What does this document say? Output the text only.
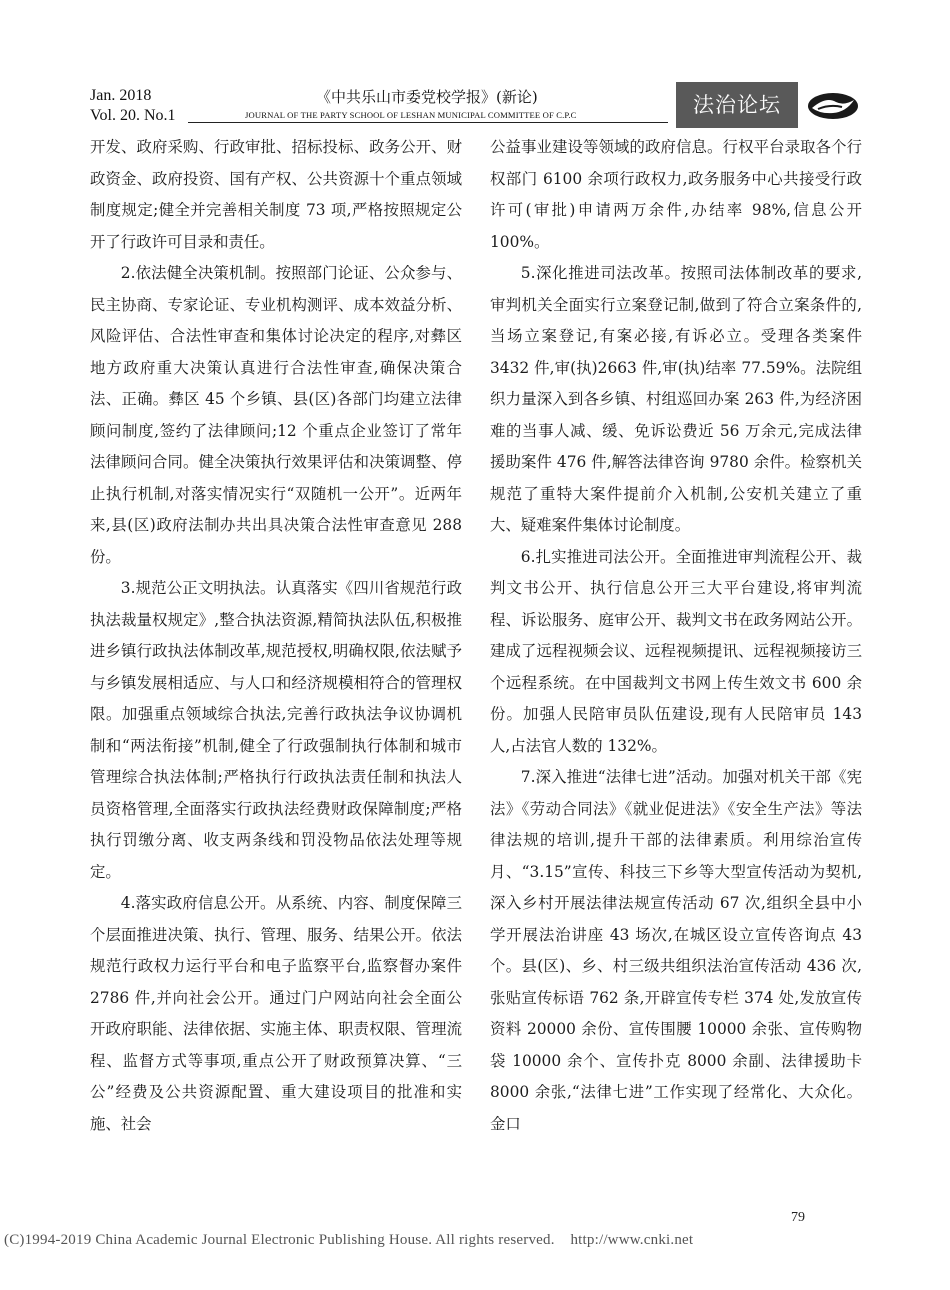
Jan. 2018
Vol. 20. No.1
《中共乐山市委党校学报》(新论)
JOURNAL OF THE PARTY SCHOOL OF LESHAN MUNICIPAL COMMITTEE OF C.P.C	法治论坛

开发、政府采购、行政审批、招标投标、政务公开、财政资金、政府投资、国有产权、公共资源十个重点领域制度规定;健全并完善相关制度 73 项,严格按照规定公开了行政许可目录和责任。

2.依法健全决策机制。按照部门论证、公众参与、民主协商、专家论证、专业机构测评、成本效益分析、风险评估、合法性审查和集体讨论决定的程序,对彝区地方政府重大决策认真进行合法性审查,确保决策合法、正确。彝区 45 个乡镇、县(区)各部门均建立法律顾问制度,签约了法律顾问;12 个重点企业签订了常年法律顾问合同。健全决策执行效果评估和决策调整、停止执行机制,对落实情况实行“双随机一公开”。近两年来,县(区)政府法制办共出具决策合法性审查意见 288 份。

3.规范公正文明执法。认真落实《四川省规范行政执法裁量权规定》,整合执法资源,精简执法队伍,积极推进乡镇行政执法体制改革,规范授权,明确权限,依法赋予与乡镇发展相适应、与人口和经济规模相符合的管理权限。加强重点领域综合执法,完善行政执法争议协调机制和“两法衔接”机制,健全了行政强制执行体制和城市管理综合执法体制;严格执行行政执法责任制和执法人员资格管理,全面落实行政执法经费财政保障制度;严格执行罚缴分离、收支两条线和罚没物品依法处理等规定。

4.落实政府信息公开。从系统、内容、制度保障三个层面推进决策、执行、管理、服务、结果公开。依法规范行政权力运行平台和电子监察平台,监察督办案件 2786 件,并向社会公开。通过门户网站向社会全面公开政府职能、法律依据、实施主体、职责权限、管理流程、监督方式等事项,重点公开了财政预算决算、“三公”经费及公共资源配置、重大建设项目的批准和实施、社会

公益事业建设等领域的政府信息。行权平台录取各个行权部门 6100 余项行政权力,政务服务中心共接受行政许可(审批)申请两万余件,办结率 98%,信息公开 100%。

5.深化推进司法改革。按照司法体制改革的要求,审判机关全面实行立案登记制,做到了符合立案条件的,当场立案登记,有案必接,有诉必立。受理各类案件 3432 件,审(执)2663 件,审(执)结率 77.59%。法院组织力量深入到各乡镇、村组巡回办案 263 件,为经济困难的当事人减、缓、免诉讼费近 56 万余元,完成法律援助案件 476 件,解答法律咨询 9780 余件。检察机关规范了重特大案件提前介入机制,公安机关建立了重大、疑难案件集体讨论制度。

6.扎实推进司法公开。全面推进审判流程公开、裁判文书公开、执行信息公开三大平台建设,将审判流程、诉讼服务、庭审公开、裁判文书在政务网站公开。建成了远程视频会议、远程视频提讯、远程视频接访三个远程系统。在中国裁判文书网上传生效文书 600 余份。加强人民陪审员队伍建设,现有人民陪审员 143 人,占法官人数的 132%。

7.深入推进“法律七进”活动。加强对机关干部《宪法》《劳动合同法》《就业促进法》《安全生产法》等法律法规的培训,提升干部的法律素质。利用综治宣传月、“3.15”宣传、科技三下乡等大型宣传活动为契机,深入乡村开展法律法规宣传活动 67 次,组织全县中小学开展法治讲座 43 场次,在城区设立宣传咨询点 43 个。县(区)、乡、村三级共组织法治宣传活动 436 次,张贴宣传标语 762 条,开辟宣传专栏 374 处,发放宣传资料 20000 余份、宣传围腰 10000 余张、宣传购物袋 10000 余个、宣传扑克 8000 余副、法律援助卡 8000 余张,“法律七进”工作实现了经常化、大众化。金口

79
(C)1994-2019 China Academic Journal Electronic Publishing House. All rights reserved.    http://www.cnki.net
